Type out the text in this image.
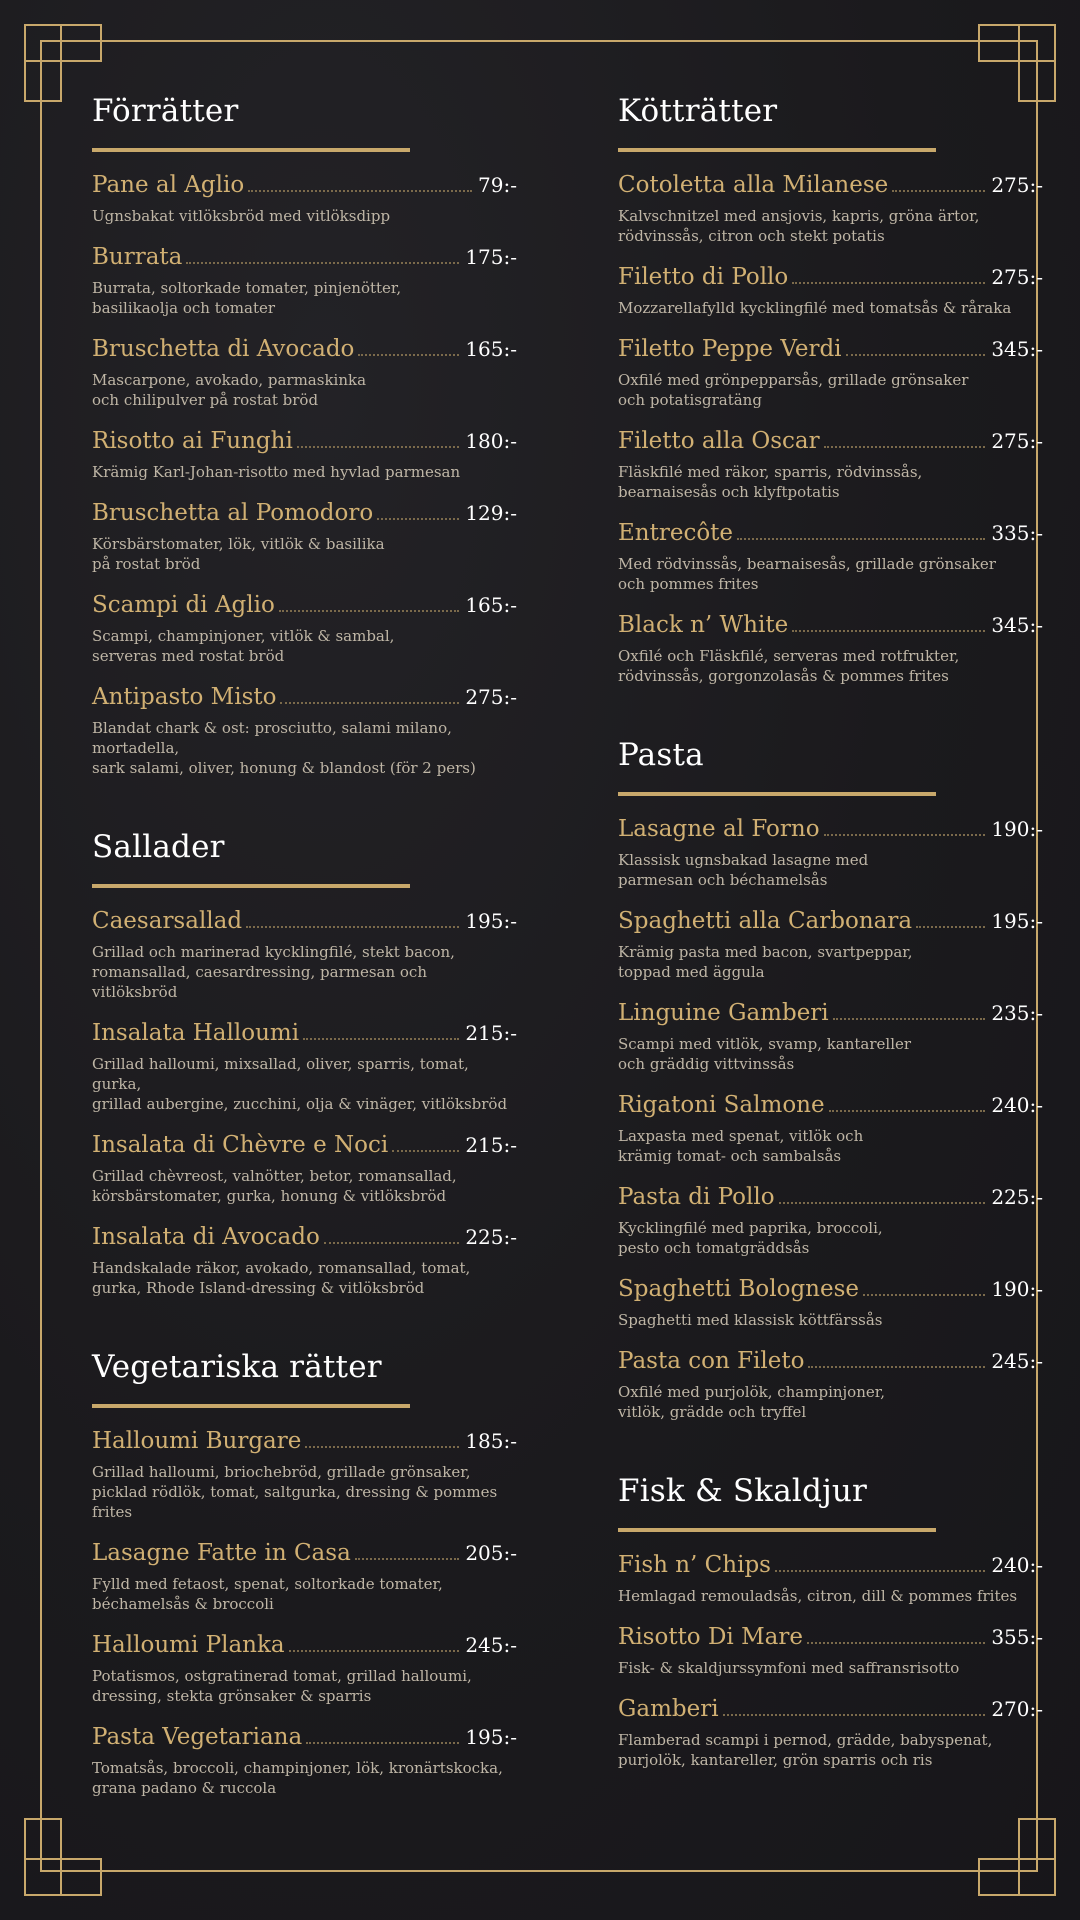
Förrätter
Pane al Aglio	79:-
Ugnsbakat vitlöksbröd med vitlöksdipp
Burrata	175:-
Burrata, soltorkade tomater, pinjenötter,
basilikaolja och tomater
Bruschetta di Avocado	165:-
Mascarpone, avokado, parmaskinka
och chilipulver på rostat bröd
Risotto ai Funghi	180:-
Krämig Karl-Johan-risotto med hyvlad parmesan
Bruschetta al Pomodoro	129:-
Körsbärstomater, lök, vitlök & basilika
på rostat bröd
Scampi di Aglio	165:-
Scampi, champinjoner, vitlök & sambal,
serveras med rostat bröd
Antipasto Misto	275:-
Blandat chark & ost: prosciutto, salami milano, mortadella,
sark salami, oliver, honung & blandost (för 2 pers)
Sallader
Caesarsallad	195:-
Grillad och marinerad kycklingfilé, stekt bacon,
romansallad, caesardressing, parmesan och vitlöksbröd
Insalata Halloumi	215:-
Grillad halloumi, mixsallad, oliver, sparris, tomat, gurka,
grillad aubergine, zucchini, olja & vinäger, vitlöksbröd
Insalata di Chèvre e Noci	215:-
Grillad chèvreost, valnötter, betor, romansallad,
körsbärstomater, gurka, honung & vitlöksbröd
Insalata di Avocado	225:-
Handskalade räkor, avokado, romansallad, tomat,
gurka, Rhode Island-dressing & vitlöksbröd
Vegetariska rätter
Halloumi Burgare	185:-
Grillad halloumi, briochebröd, grillade grönsaker,
picklad rödlök, tomat, saltgurka, dressing & pommes frites
Lasagne Fatte in Casa	205:-
Fylld med fetaost, spenat, soltorkade tomater,
béchamelsås & broccoli
Halloumi Planka	245:-
Potatismos, ostgratinerad tomat, grillad halloumi,
dressing, stekta grönsaker & sparris
Pasta Vegetariana	195:-
Tomatsås, broccoli, champinjoner, lök, kronärtskocka,
grana padano & ruccola
Kötträtter
Cotoletta alla Milanese	275:-
Kalvschnitzel med ansjovis, kapris, gröna ärtor,
rödvinssås, citron och stekt potatis
Filetto di Pollo	275:-
Mozzarellafylld kycklingfilé med tomatsås & råraka
Filetto Peppe Verdi	345:-
Oxfilé med grönpepparsås, grillade grönsaker
och potatisgratäng
Filetto alla Oscar	275:-
Fläskfilé med räkor, sparris, rödvinssås,
bearnaisesås och klyftpotatis
Entrecôte	335:-
Med rödvinssås, bearnaisesås, grillade grönsaker
och pommes frites
Black n’ White	345:-
Oxfilé och Fläskfilé, serveras med rotfrukter,
rödvinssås, gorgonzolasås & pommes frites
Pasta
Lasagne al Forno	190:-
Klassisk ugnsbakad lasagne med
parmesan och béchamelsås
Spaghetti alla Carbonara	195:-
Krämig pasta med bacon, svartpeppar,
toppad med äggula
Linguine Gamberi	235:-
Scampi med vitlök, svamp, kantareller
och gräddig vittvinssås
Rigatoni Salmone	240:-
Laxpasta med spenat, vitlök och
krämig tomat- och sambalsås
Pasta di Pollo	225:-
Kycklingfilé med paprika, broccoli,
pesto och tomatgräddsås
Spaghetti Bolognese	190:-
Spaghetti med klassisk köttfärssås
Pasta con Fileto	245:-
Oxfilé med purjolök, champinjoner,
vitlök, grädde och tryffel
Fisk & Skaldjur
Fish n’ Chips	240:-
Hemlagad remouladsås, citron, dill & pommes frites
Risotto Di Mare	355:-
Fisk- & skaldjurssymfoni med saffransrisotto
Gamberi	270:-
Flamberad scampi i pernod, grädde, babyspenat,
purjolök, kantareller, grön sparris och ris
